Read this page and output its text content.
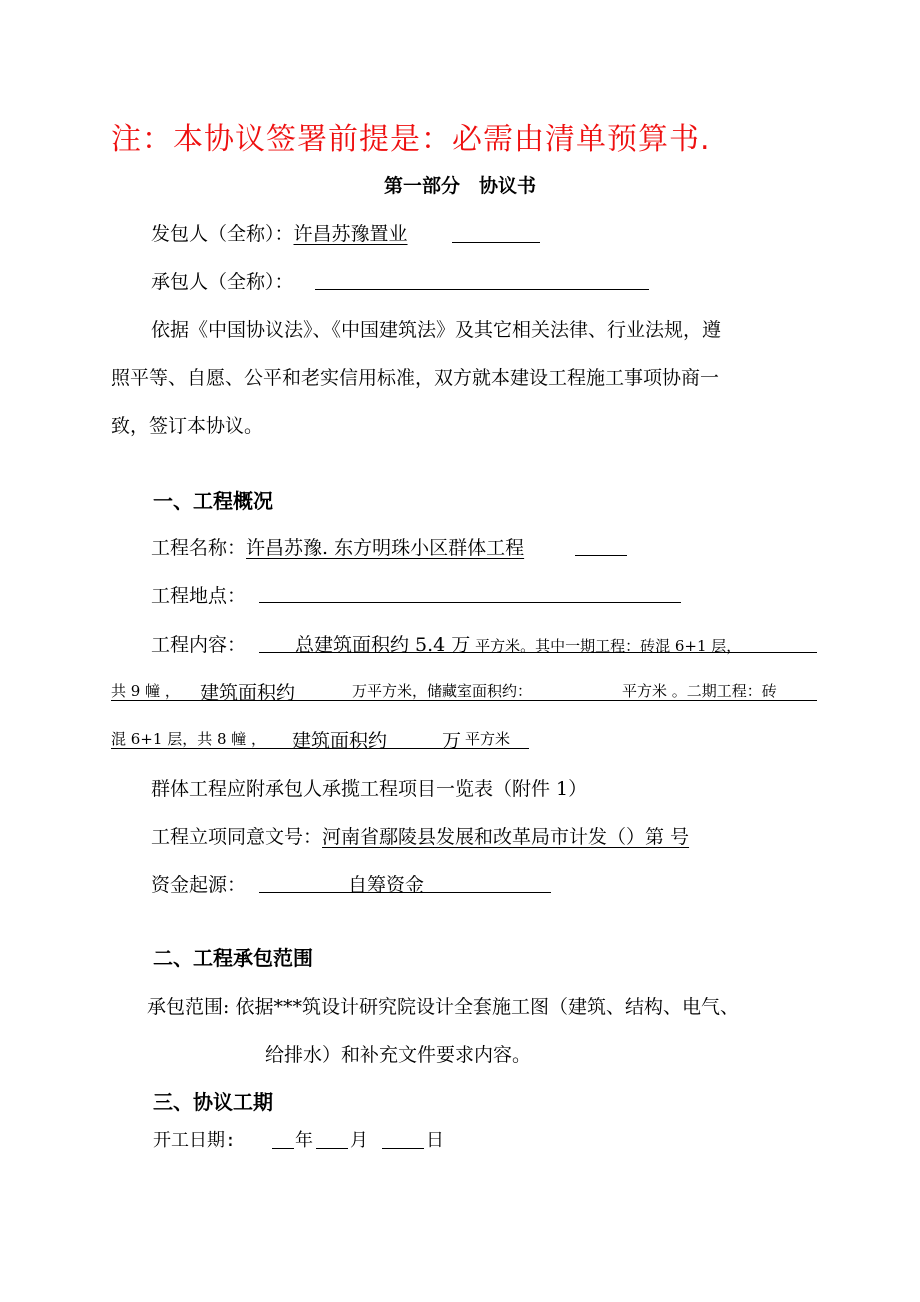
注：本协议签署前提是：必需由清单预算书.
第一部分　协议书
发包人（全称）：许昌苏豫置业
承包人（全称）：
依据《中国协议法》、《中国建筑法》及其它相关法律、行业法规，遵
照平等、自愿、公平和老实信用标准，双方就本建设工程施工事项协商一
致，签订本协议。
一、工程概况
工程名称：许昌苏豫. 东方明珠小区群体工程
工程地点：
工程内容：	总建筑面积约 5.4 万 平方米。其中一期工程：砖混 6+1 层，
共 9 幢 ， 建筑面积约	万平方米，储藏室面积约：	平方米 。二期工程：砖
混 6+1 层，共 8 幢 ， 建筑面积约	万 平方米
群体工程应附承包人承揽工程项目一览表（附件 1）
工程立项同意文号：河南省鄢陵县发展和改革局市计发（）第 号
资金起源：	自筹资金
二、工程承包范围
承包范围: 依据***筑设计研究院设计全套施工图（建筑、结构、电气、
给排水）和补充文件要求内容。
三、协议工期
开工日期:	年 月	日
